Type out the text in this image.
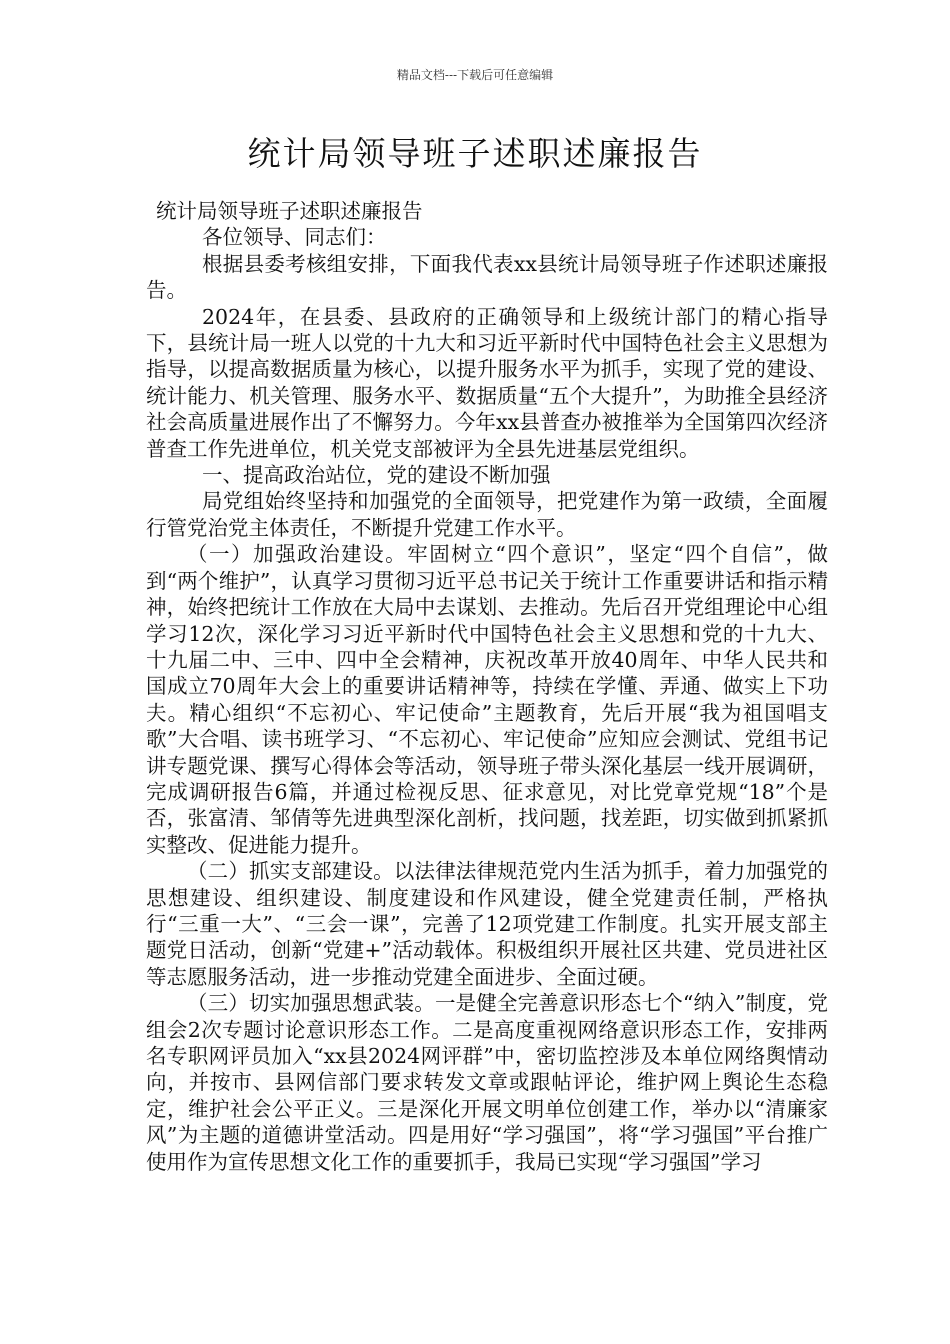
精品文档---下载后可任意编辑
统计局领导班子述职述廉报告

统计局领导班子述职述廉报告

各位领导、同志们：

根据县委考核组安排，下面我代表xx县统计局领导班子作述职述廉报告。

2024年，在县委、县政府的正确领导和上级统计部门的精心指导下，县统计局一班人以党的十九大和习近平新时代中国特色社会主义思想为指导，以提高数据质量为核心，以提升服务水平为抓手，实现了党的建设、统计能力、机关管理、服务水平、数据质量“五个大提升”，为助推全县经济社会高质量进展作出了不懈努力。今年xx县普查办被推举为全国第四次经济普查工作先进单位，机关党支部被评为全县先进基层党组织。

一、提高政治站位，党的建设不断加强

局党组始终坚持和加强党的全面领导，把党建作为第一政绩，全面履行管党治党主体责任，不断提升党建工作水平。

（一）加强政治建设。牢固树立“四个意识”，坚定“四个自信”，做到“两个维护”，认真学习贯彻习近平总书记关于统计工作重要讲话和指示精神，始终把统计工作放在大局中去谋划、去推动。先后召开党组理论中心组学习12次，深化学习习近平新时代中国特色社会主义思想和党的十九大、十九届二中、三中、四中全会精神，庆祝改革开放40周年、中华人民共和国成立70周年大会上的重要讲话精神等，持续在学懂、弄通、做实上下功夫。精心组织“不忘初心、牢记使命”主题教育，先后开展“我为祖国唱支歌”大合唱、读书班学习、“不忘初心、牢记使命”应知应会测试、党组书记讲专题党课、撰写心得体会等活动，领导班子带头深化基层一线开展调研，完成调研报告6篇，并通过检视反思、征求意见，对比党章党规“18”个是否，张富清、邹倩等先进典型深化剖析，找问题，找差距，切实做到抓紧抓实整改、促进能力提升。

（二）抓实支部建设。以法律法律规范党内生活为抓手，着力加强党的思想建设、组织建设、制度建设和作风建设，健全党建责任制，严格执行“三重一大”、“三会一课”，完善了12项党建工作制度。扎实开展支部主题党日活动，创新“党建+”活动载体。积极组织开展社区共建、党员进社区等志愿服务活动，进一步推动党建全面进步、全面过硬。

（三）切实加强思想武装。一是健全完善意识形态七个“纳入”制度，党组会2次专题讨论意识形态工作。二是高度重视网络意识形态工作，安排两名专职网评员加入“xx县2024网评群”中，密切监控涉及本单位网络舆情动向，并按市、县网信部门要求转发文章或跟帖评论，维护网上舆论生态稳定，维护社会公平正义。三是深化开展文明单位创建工作，举办以“清廉家风”为主题的道德讲堂活动。四是用好“学习强国”，将“学习强国”平台推广使用作为宣传思想文化工作的重要抓手，我局已实现“学习强国”学习
